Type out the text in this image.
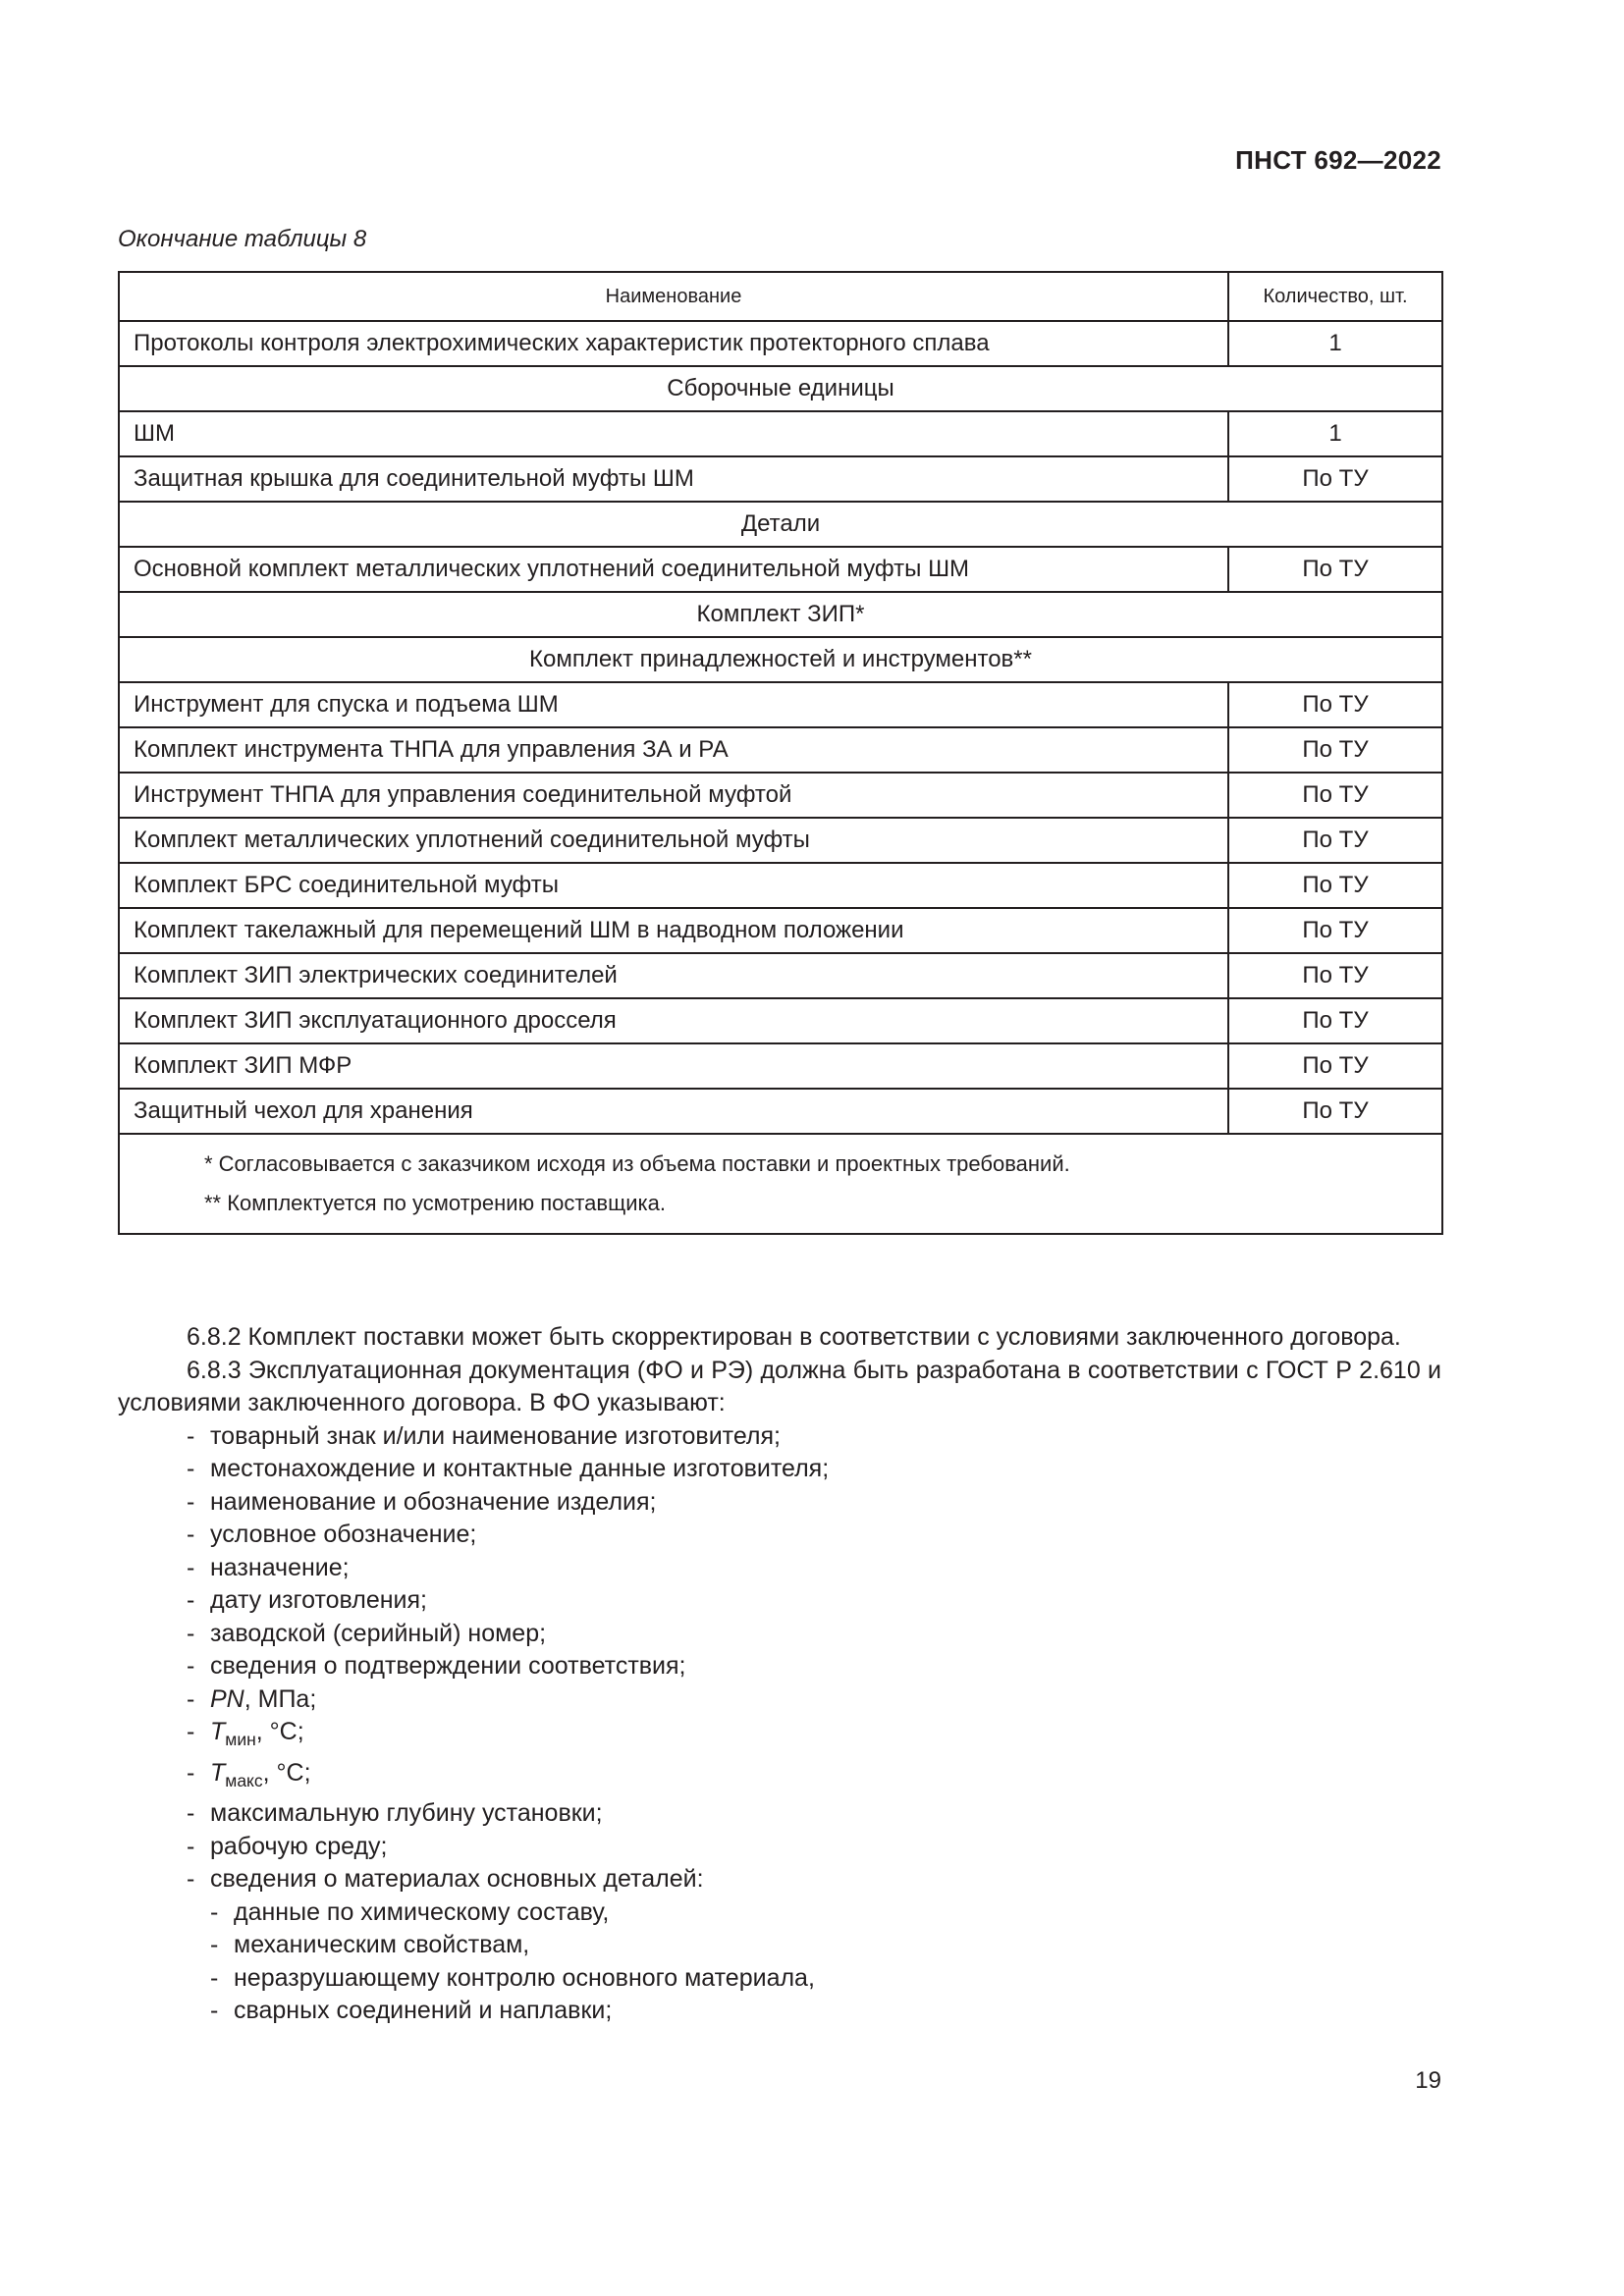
ПНСТ 692—2022
Окончание таблицы 8
Наименование	Количество, шт.
Протоколы контроля электрохимических характеристик протекторного сплава	1
Сборочные единицы	
ШМ	1
Защитная крышка для соединительной муфты ШМ	По ТУ
Детали	
Основной комплект металлических уплотнений соединительной муфты ШМ	По ТУ
Комплект ЗИП*	
Комплект принадлежностей и инструментов**	
Инструмент для спуска и подъема ШМ	По ТУ
Комплект инструмента ТНПА для управления ЗА и РА	По ТУ
Инструмент ТНПА для управления соединительной муфтой	По ТУ
Комплект металлических уплотнений соединительной муфты	По ТУ
Комплект БРС соединительной муфты	По ТУ
Комплект такелажный для перемещений ШМ в надводном положении	По ТУ
Комплект ЗИП электрических соединителей	По ТУ
Комплект ЗИП эксплуатационного дросселя	По ТУ
Комплект ЗИП МФР	По ТУ
Защитный чехол для хранения	По ТУ

* Согласовывается с заказчиком исходя из объема поставки и проектных требований.
** Комплектуется по усмотрению поставщика.	

6.8.2 Комплект поставки может быть скорректирован в соответствии с условиями заключенного договора.

6.8.3 Эксплуатационная документация (ФО и РЭ) должна быть разработана в соответствии с ГОСТ Р 2.610 и условиями заключенного договора. В ФО указывают:

- товарный знак и/или наименование изготовителя;
- местонахождение и контактные данные изготовителя;
- наименование и обозначение изделия;
- условное обозначение;
- назначение;
- дату изготовления;
- заводской (серийный) номер;
- сведения о подтверждении соответствия;
- PN, МПа;
- $T_{мин}$, °С;
- $T_{макс}$, °С;
- максимальную глубину установки;
- рабочую среду;
- сведения о материалах основных деталей:
- данные по химическому составу,
- механическим свойствам,
- неразрушающему контролю основного материала,
- сварных соединений и наплавки;
19
